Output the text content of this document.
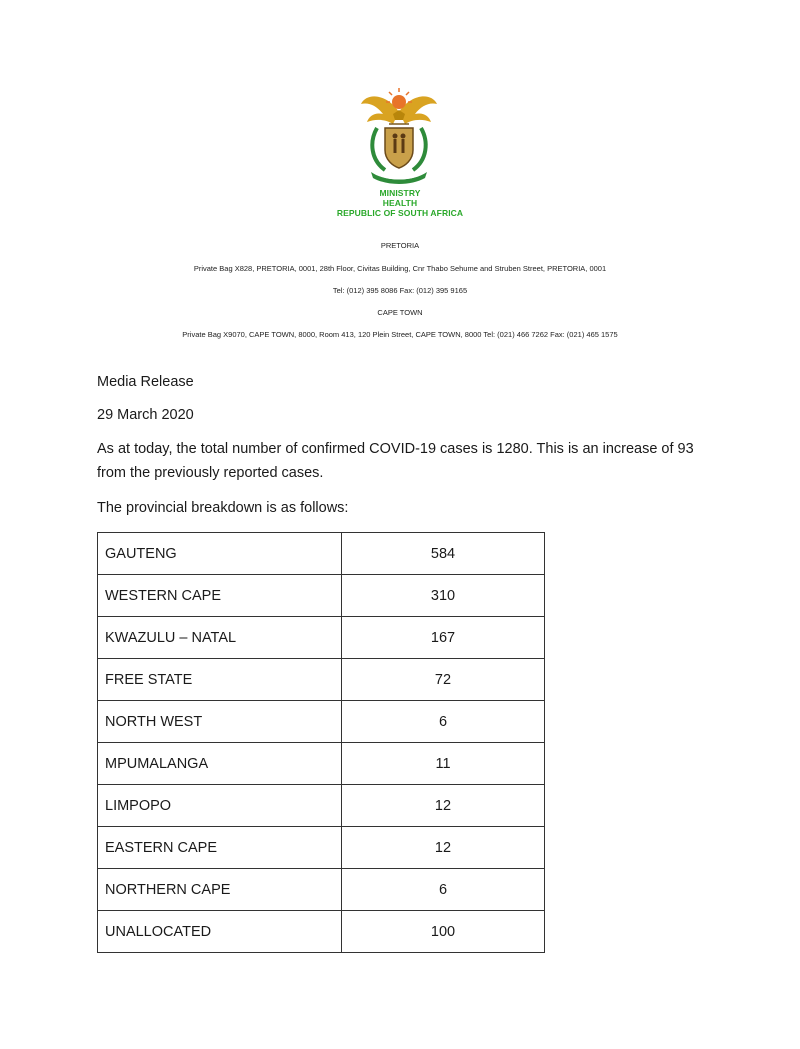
MINISTRY
HEALTH
REPUBLIC OF SOUTH AFRICA
PRETORIA
Private Bag X828, PRETORIA, 0001, 28th Floor, Civitas Building, Cnr Thabo Sehume and Struben Street, PRETORIA, 0001
Tel: (012) 395 8086 Fax: (012) 395 9165
CAPE TOWN
Private Bag X9070, CAPE TOWN, 8000, Room 413, 120 Plein Street, CAPE TOWN, 8000 Tel: (021) 466 7262 Fax: (021) 465 1575
Media Release
29 March 2020
As at today, the total number of confirmed COVID-19 cases is 1280. This is an increase of 93
from the previously reported cases.
The provincial breakdown is as follows:
GAUTENG	584
WESTERN CAPE	310
KWAZULU – NATAL	167
FREE STATE	72
NORTH WEST	6
MPUMALANGA	11
LIMPOPO	12
EASTERN CAPE	12
NORTHERN CAPE	6
UNALLOCATED	100
